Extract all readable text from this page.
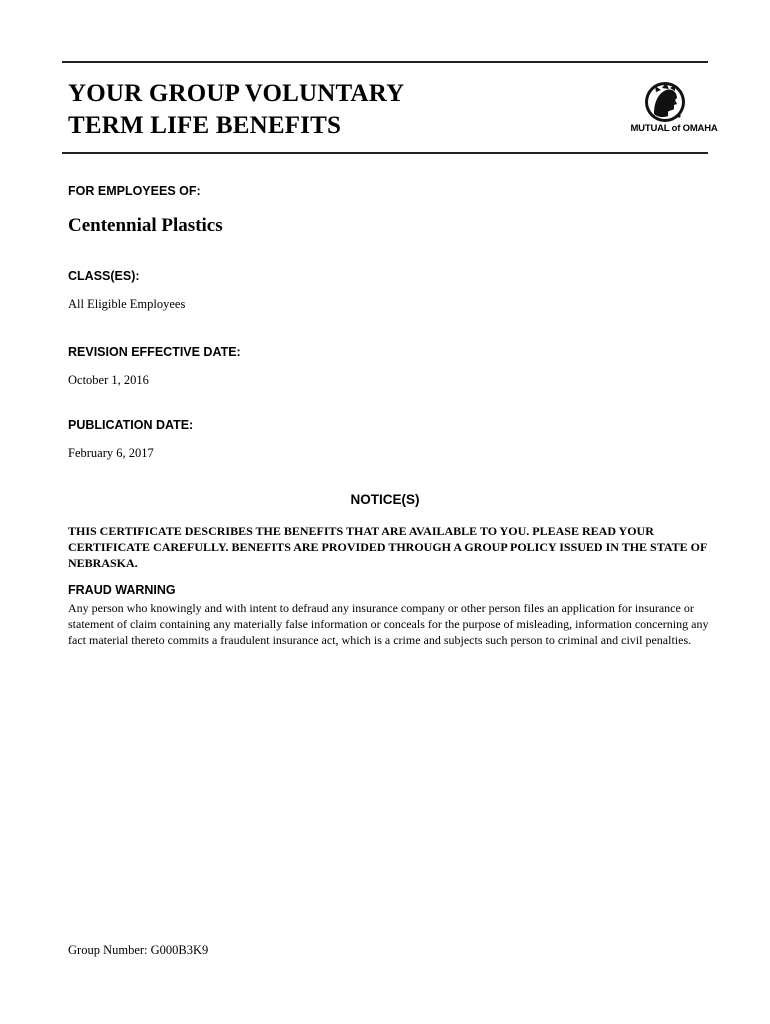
YOUR GROUP VOLUNTARY
TERM LIFE BENEFITS	MUTUAL of OMAHA
FOR EMPLOYEES OF:
Centennial Plastics
CLASS(ES):
All Eligible Employees
REVISION EFFECTIVE DATE:
October 1, 2016
PUBLICATION DATE:
February 6, 2017
NOTICE(S)
THIS CERTIFICATE DESCRIBES THE BENEFITS THAT ARE AVAILABLE TO YOU. PLEASE READ YOUR CERTIFICATE CAREFULLY. BENEFITS ARE PROVIDED THROUGH A GROUP POLICY ISSUED IN THE STATE OF NEBRASKA.
FRAUD WARNING
Any person who knowingly and with intent to defraud any insurance company or other person files an application for insurance or statement of claim containing any materially false information or conceals for the purpose of misleading, information concerning any fact material thereto commits a fraudulent insurance act, which is a crime and subjects such person to criminal and civil penalties.
Group Number: G000B3K9
